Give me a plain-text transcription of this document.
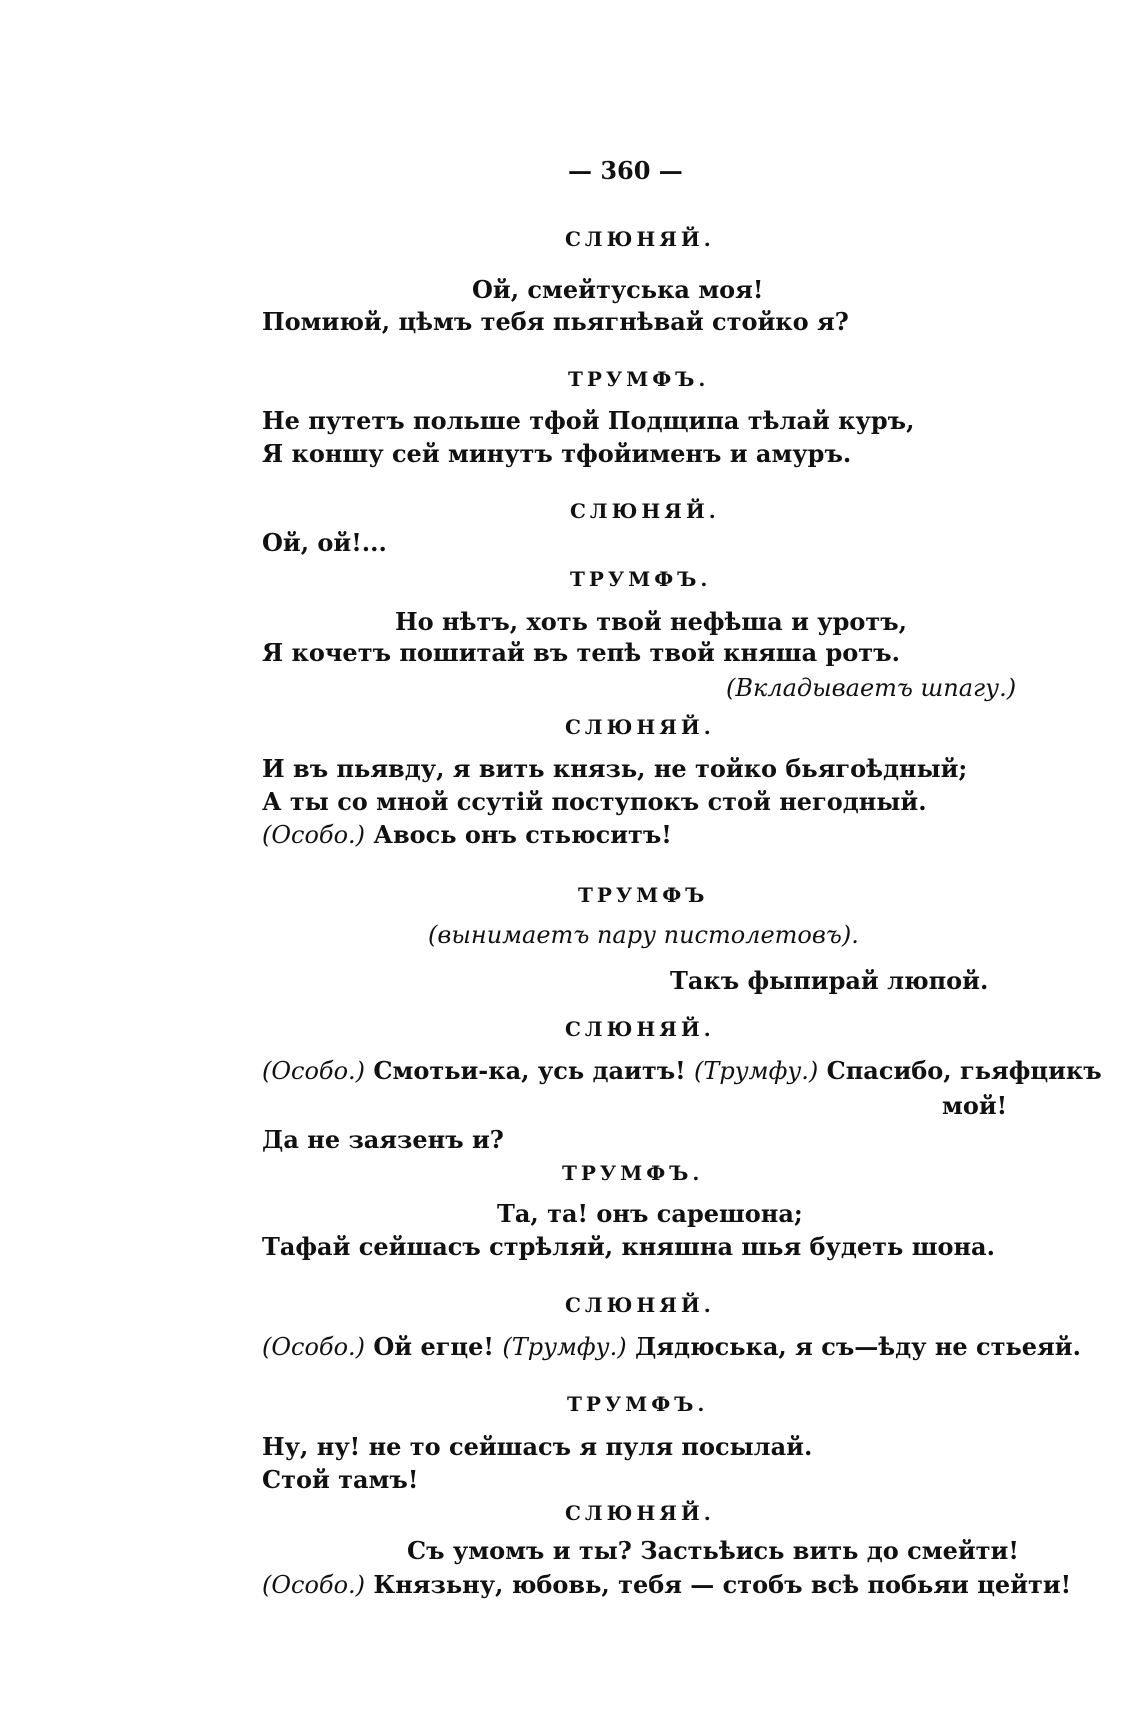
— 360 —
СЛЮНЯЙ.
Ой, смейтуська моя!
Помиюй, цѣмъ тебя пьягнѣвай стойко я?
ТРУМФЪ.
Не путетъ польше тфой Подщипа тѣлай куръ,
Я коншу сей минутъ тфойименъ и амуръ.
СЛЮНЯЙ.
Ой, ой!...
ТРУМФЪ.
Но нѣтъ, хоть твой нефѣша и уротъ,
Я кочетъ пошитай въ тепѣ твой княша ротъ.
(Вкладываетъ шпагу.)
СЛЮНЯЙ.
И въ пьявду, я вить князь, не тойко бьягоѣдный;
А ты со мной ссутій поступокъ стой негодный.
(Особо.) Авось онъ стьюситъ!
ТРУМФЪ
(вынимаетъ пару пистолетовъ).
Такъ фыпирай люпой.
СЛЮНЯЙ.
(Особо.) Смотьи-ка, усь даитъ! (Трумфу.) Спасибо, гьяфцикъ
мой!
Да не заязенъ и?
ТРУМФЪ.
Та, та! онъ сарешона;
Тафай сейшасъ стрѣляй, княшна шья будеть шона.
СЛЮНЯЙ.
(Особо.) Ой егце! (Трумфу.) Дядюська, я съ—ѣду не стьеяй.
ТРУМФЪ.
Ну, ну! не то сейшасъ я пуля посылай.
Стой тамъ!
СЛЮНЯЙ.
Съ умомъ и ты? Застьѣись вить до смейти!
(Особо.) Князьну, юбовь, тебя — стобъ всѣ побьяи цейти!
